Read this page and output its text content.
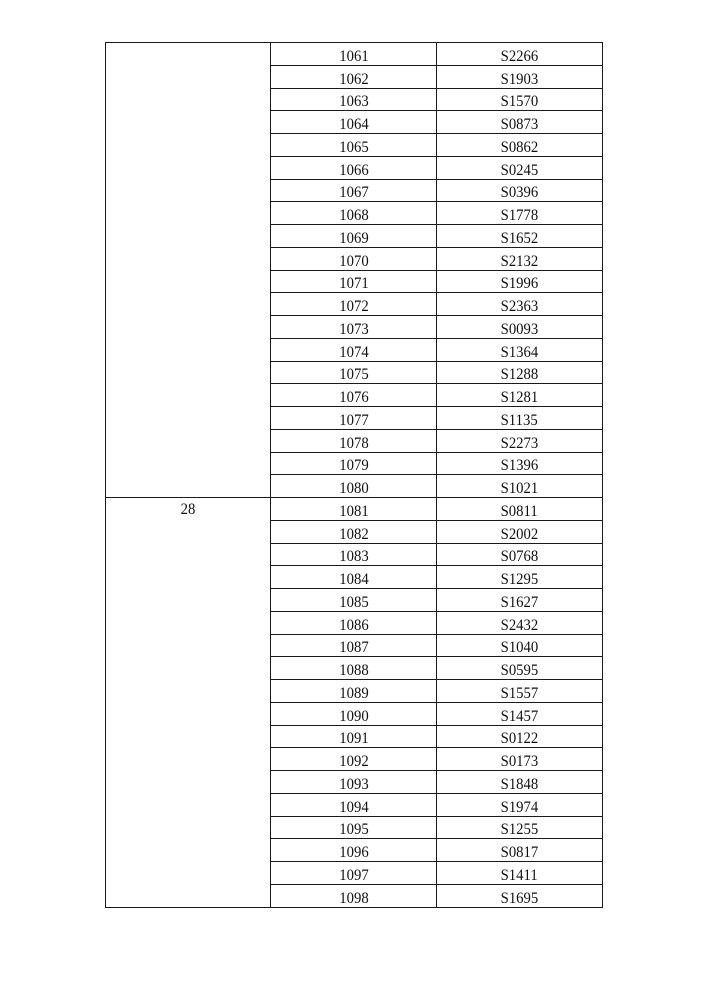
	1061	S2266
	1062	S1903
	1063	S1570
	1064	S0873
	1065	S0862
	1066	S0245
	1067	S0396
	1068	S1778
	1069	S1652
	1070	S2132
	1071	S1996
	1072	S2363
	1073	S0093
	1074	S1364
	1075	S1288
	1076	S1281
	1077	S1135
	1078	S2273
	1079	S1396
	1080	S1021
28	1081	S0811
	1082	S2002
	1083	S0768
	1084	S1295
	1085	S1627
	1086	S2432
	1087	S1040
	1088	S0595
	1089	S1557
	1090	S1457
	1091	S0122
	1092	S0173
	1093	S1848
	1094	S1974
	1095	S1255
	1096	S0817
	1097	S1411
	1098	S1695
